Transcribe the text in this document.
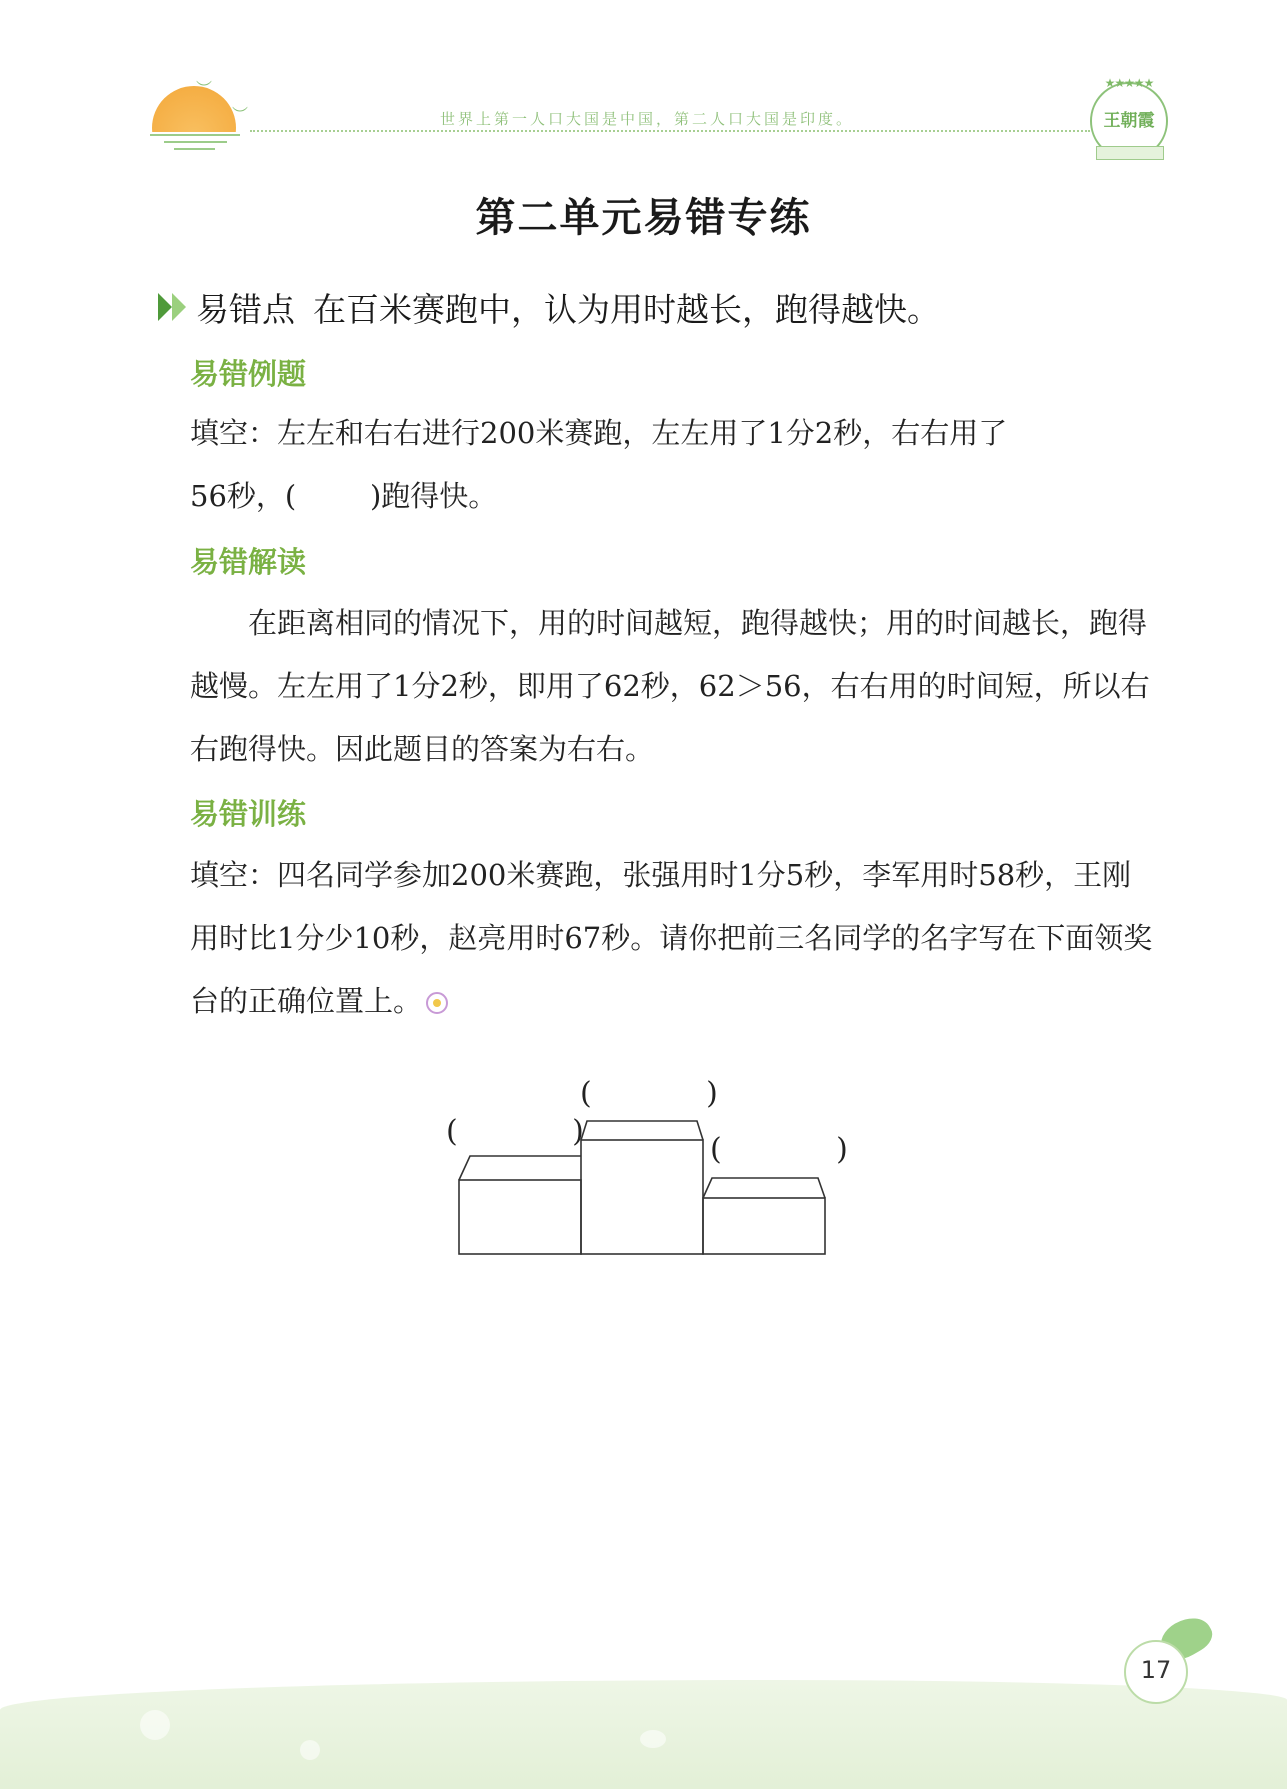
︶
︶	世界上第一人口大国是中国，第二人口大国是印度。
★★★★★
王朝霞
第二单元易错专练
易错点 在百米赛跑中，认为用时越长，跑得越快。
易错例题
填空：左左和右右进行200米赛跑，左左用了1分2秒，右右用了
56秒，(        )跑得快。
易错解读
在距离相同的情况下，用的时间越短，跑得越快；用的时间越长，跑得越慢。左左用了1分2秒，即用了62秒，62＞56，右右用的时间短，所以右右跑得快。因此题目的答案为右右。
易错训练
填空：四名同学参加200米赛跑，张强用时1分5秒，李军用时58秒，王刚用时比1分少10秒，赵亮用时67秒。请你把前三名同学的名字写在下面领奖台的正确位置上。
(            )
(            )
(            )
17
